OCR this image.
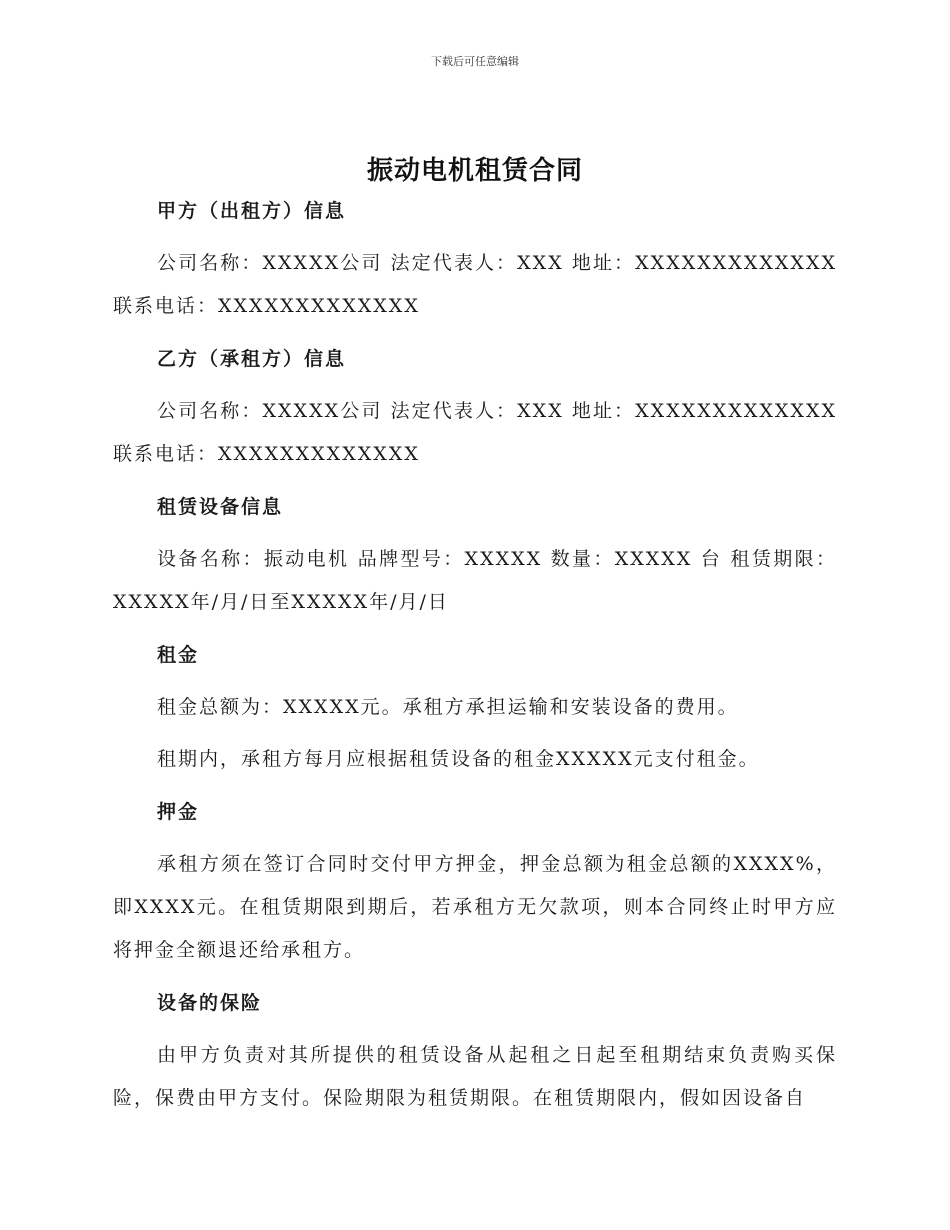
下载后可任意编辑
振动电机租赁合同

甲方（出租方）信息

公司名称：XXXXX公司 法定代表人：XXX 地址：XXXXXXXXXXXXX 联系电话：XXXXXXXXXXXXX

乙方（承租方）信息

公司名称：XXXXX公司 法定代表人：XXX 地址：XXXXXXXXXXXXX 联系电话：XXXXXXXXXXXXX

租赁设备信息

设备名称：振动电机 品牌型号：XXXXX 数量：XXXXX 台 租赁期限：XXXXX年/月/日至XXXXX年/月/日

租金

租金总额为：XXXXX元。承租方承担运输和安装设备的费用。

租期内，承租方每月应根据租赁设备的租金XXXXX元支付租金。

押金

承租方须在签订合同时交付甲方押金，押金总额为租金总额的XXXX%，即XXXX元。在租赁期限到期后，若承租方无欠款项，则本合同终止时甲方应将押金全额退还给承租方。

设备的保险

由甲方负责对其所提供的租赁设备从起租之日起至租期结束负责购买保险，保费由甲方支付。保险期限为租赁期限。在租赁期限内，假如因设备自
